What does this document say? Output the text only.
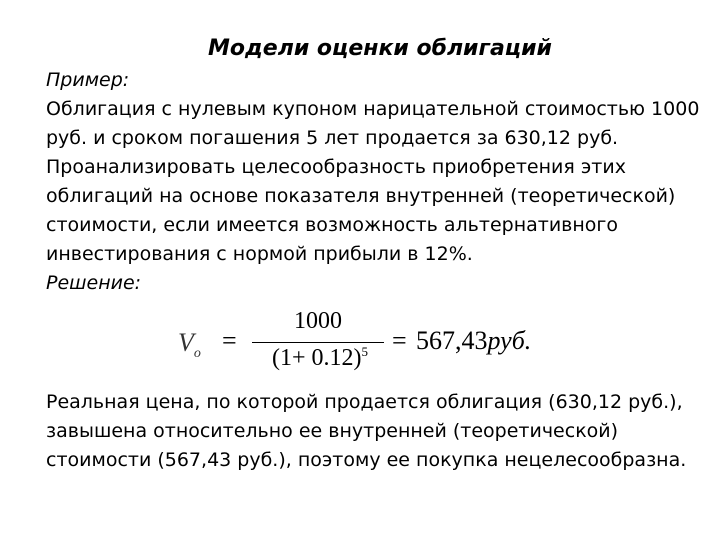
Модели оценки облигаций
Пример:
Облигация с нулевым купоном нарицательной стоимостью 1000
руб. и сроком погашения 5 лет продается за 630,12 руб.
Проанализировать целесообразность приобретения этих
облигаций на основе показателя внутренней (теоретической)
стоимости, если имеется возможность альтернативного
инвестирования с нормой прибыли в 12%.
Решение:
$V_o$ =
1000
$(1+ 0.12)^5 = 567,43руб$.
Реальная цена, по которой продается облигация (630,12 руб.),
завышена относительно ее внутренней (теоретической)
стоимости (567,43 руб.), поэтому ее покупка нецелесообразна.
